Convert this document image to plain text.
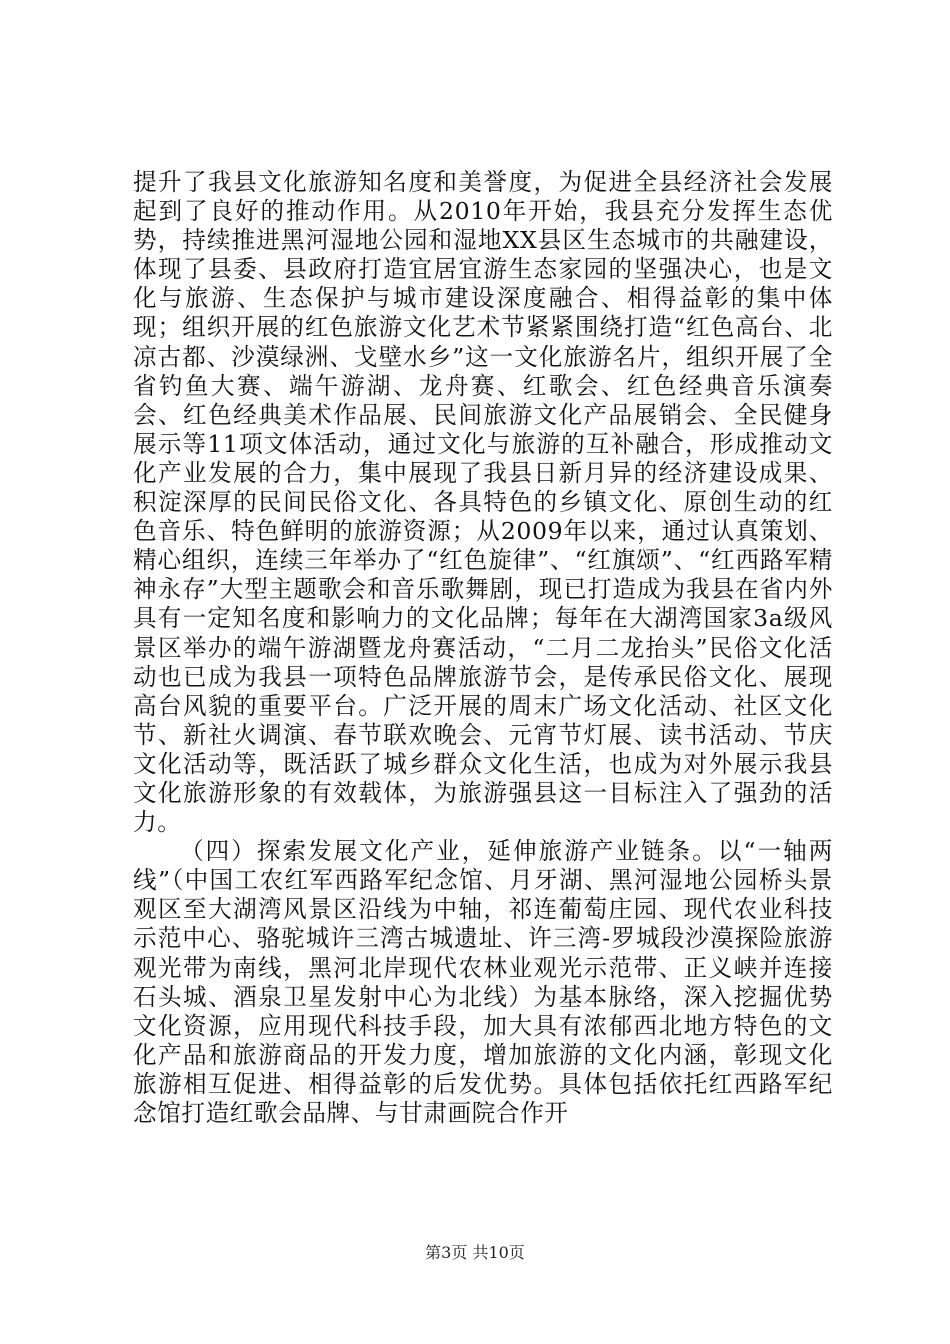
提升了我县文化旅游知名度和美誉度，为促进全县经济社会发展起到了良好的推动作用。从2010年开始，我县充分发挥生态优势，持续推进黑河湿地公园和湿地XX县区生态城市的共融建设，体现了县委、县政府打造宜居宜游生态家园的坚强决心，也是文化与旅游、生态保护与城市建设深度融合、相得益彰的集中体现；组织开展的红色旅游文化艺术节紧紧围绕打造“红色高台、北凉古都、沙漠绿洲、戈壁水乡”这一文化旅游名片，组织开展了全省钓鱼大赛、端午游湖、龙舟赛、红歌会、红色经典音乐演奏会、红色经典美术作品展、民间旅游文化产品展销会、全民健身展示等11项文体活动，通过文化与旅游的互补融合，形成推动文化产业发展的合力，集中展现了我县日新月异的经济建设成果、积淀深厚的民间民俗文化、各具特色的乡镇文化、原创生动的红色音乐、特色鲜明的旅游资源；从2009年以来，通过认真策划、精心组织，连续三年举办了“红色旋律”、“红旗颂”、“红西路军精神永存”大型主题歌会和音乐歌舞剧，现已打造成为我县在省内外具有一定知名度和影响力的文化品牌；每年在大湖湾国家3a级风景区举办的端午游湖暨龙舟赛活动，“二月二龙抬头”民俗文化活动也已成为我县一项特色品牌旅游节会，是传承民俗文化、展现高台风貌的重要平台。广泛开展的周末广场文化活动、社区文化节、新社火调演、春节联欢晚会、元宵节灯展、读书活动、节庆文化活动等，既活跃了城乡群众文化生活，也成为对外展示我县文化旅游形象的有效载体，为旅游强县这一目标注入了强劲的活力。

（四）探索发展文化产业，延伸旅游产业链条。以“一轴两线”（中国工农红军西路军纪念馆、月牙湖、黑河湿地公园桥头景观区至大湖湾风景区沿线为中轴，祁连葡萄庄园、现代农业科技示范中心、骆驼城许三湾古城遗址、许三湾-罗城段沙漠探险旅游观光带为南线，黑河北岸现代农林业观光示范带、正义峡并连接石头城、酒泉卫星发射中心为北线）为基本脉络，深入挖掘优势文化资源，应用现代科技手段，加大具有浓郁西北地方特色的文化产品和旅游商品的开发力度，增加旅游的文化内涵，彰现文化旅游相互促进、相得益彰的后发优势。具体包括依托红西路军纪念馆打造红歌会品牌、与甘肃画院合作开

第3页 共10页
